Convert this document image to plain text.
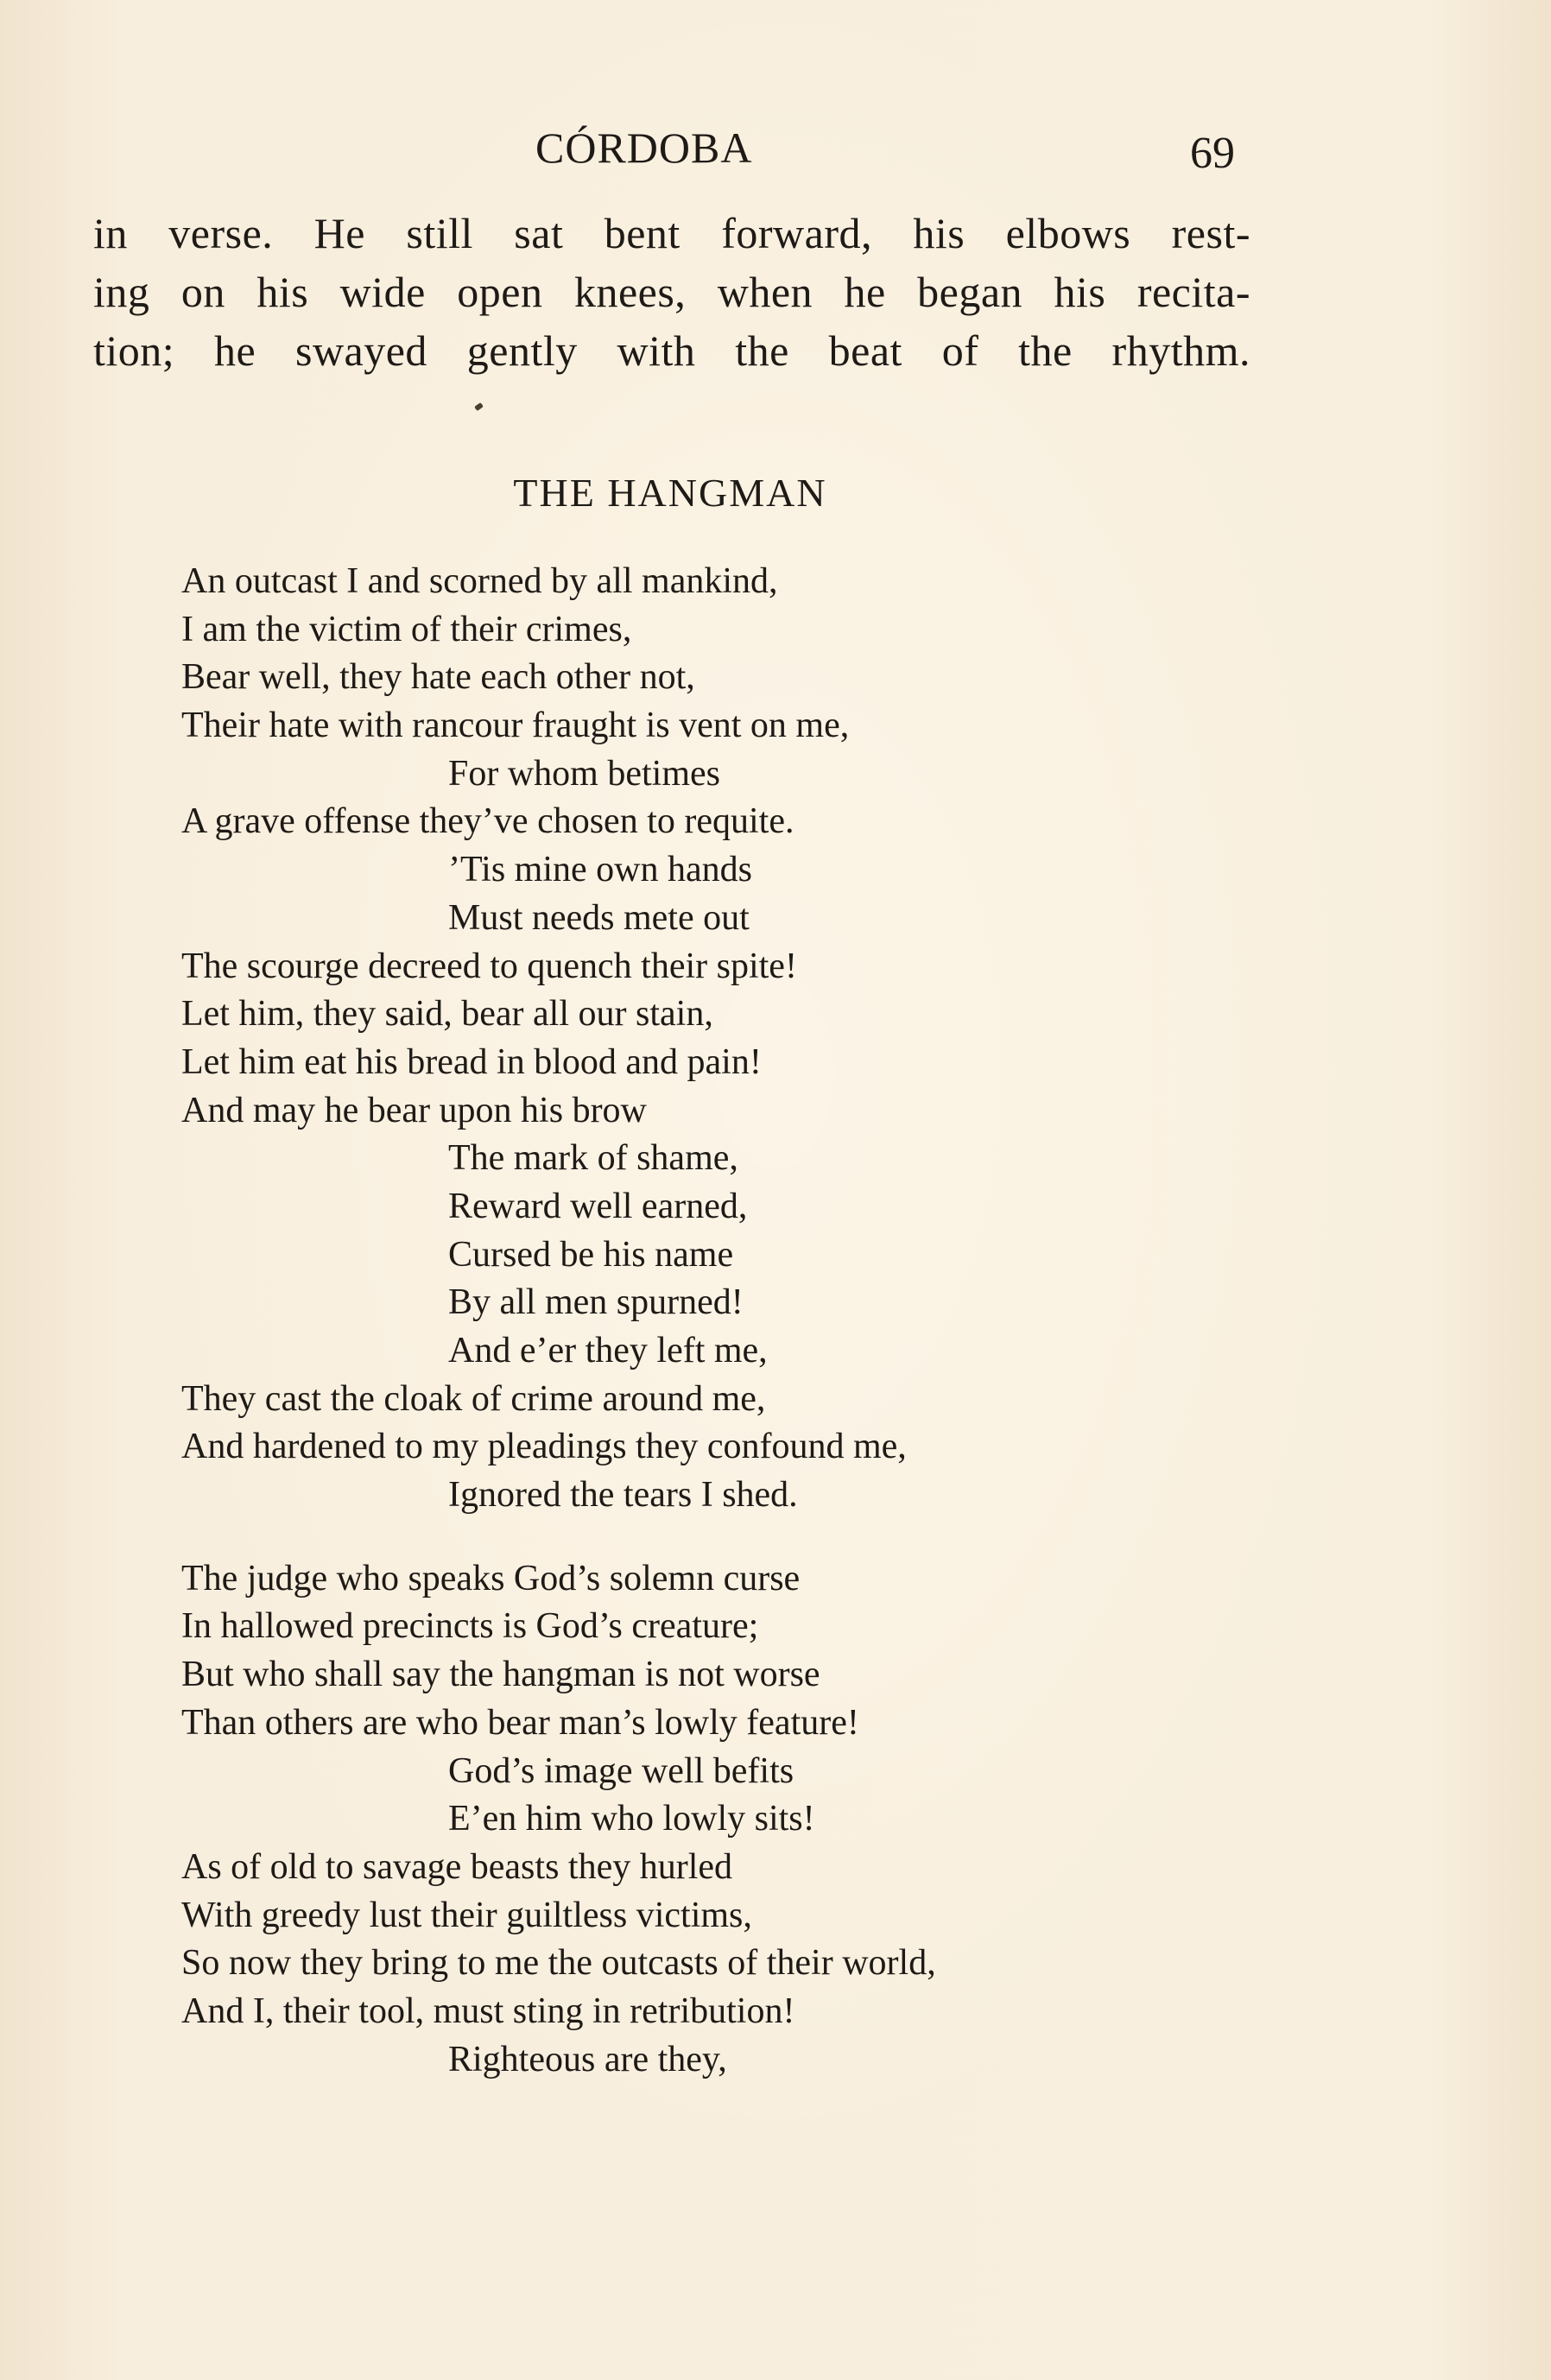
CÓRDOBA	69
in verse. He still sat bent forward, his elbows rest-
ing on his wide open knees, when he began his recita-
tion; he swayed gently with the beat of the rhythm.
THE HANGMAN
An outcast I and scorned by all mankind,
I am the victim of their crimes,
Bear well, they hate each other not,
Their hate with rancour fraught is vent on me,
For whom betimes
A grave offense they’ve chosen to requite.
’Tis mine own hands
Must needs mete out
The scourge decreed to quench their spite!
Let him, they said, bear all our stain,
Let him eat his bread in blood and pain!
And may he bear upon his brow
The mark of shame,
Reward well earned,
Cursed be his name
By all men spurned!
And e’er they left me,
They cast the cloak of crime around me,
And hardened to my pleadings they confound me,
Ignored the tears I shed.
The judge who speaks God’s solemn curse
In hallowed precincts is God’s creature;
But who shall say the hangman is not worse
Than others are who bear man’s lowly feature!
God’s image well befits
E’en him who lowly sits!
As of old to savage beasts they hurled
With greedy lust their guiltless victims,
So now they bring to me the outcasts of their world,
And I, their tool, must sting in retribution!
Righteous are they,
